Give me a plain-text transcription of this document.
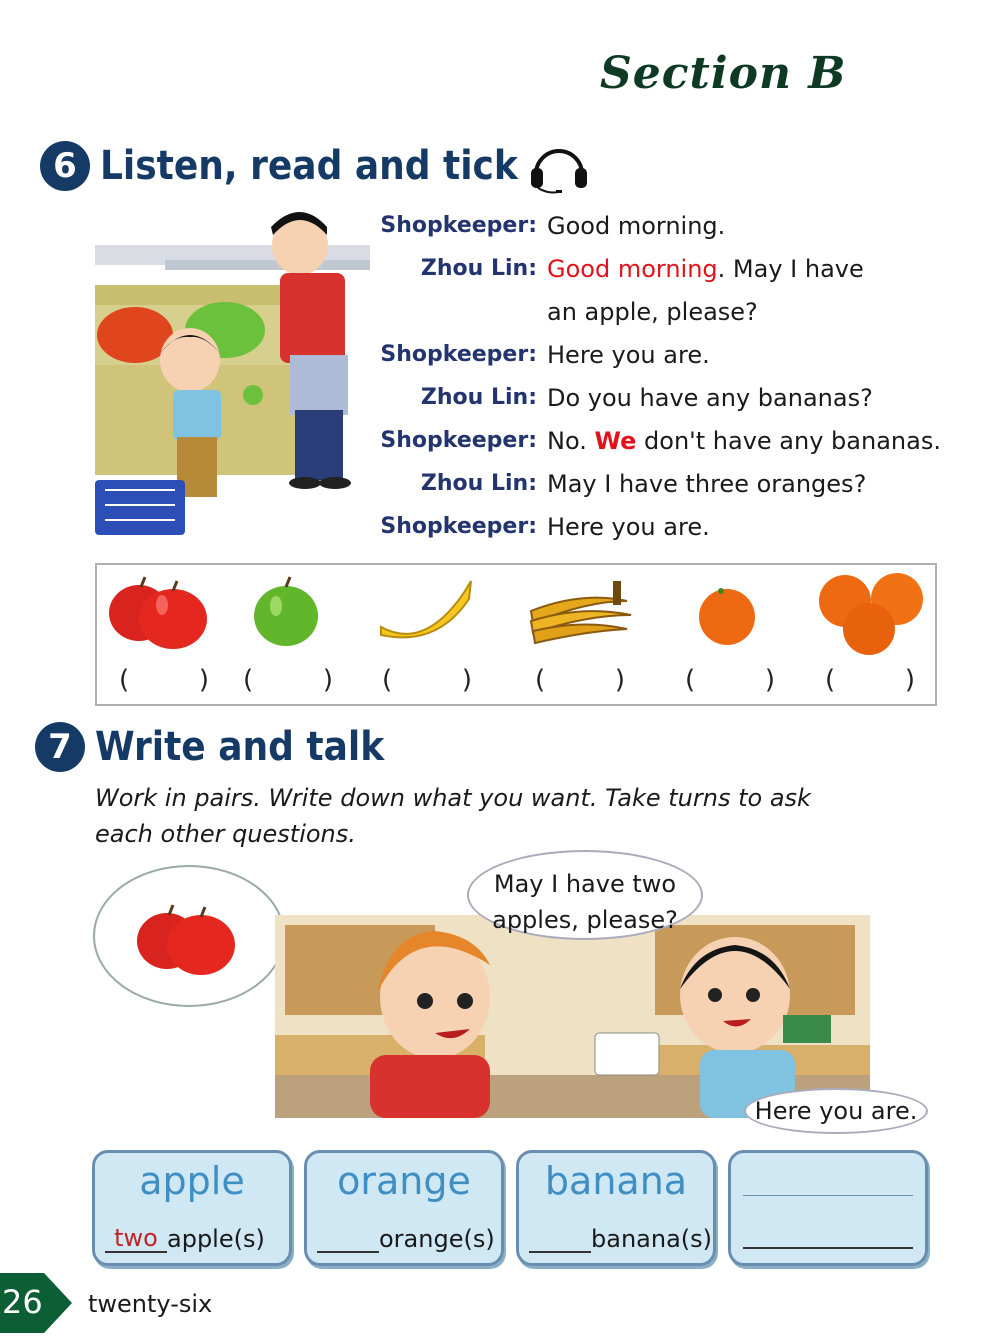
Section B
6 Listen, read and tick
Shopkeeper: Good morning.
Zhou Lin: Good morning. May I have
an apple, please?
Shopkeeper: Here you are.
Zhou Lin: Do you have any bananas?
Shopkeeper: No. We don't have any bananas.
Zhou Lin: May I have three oranges?
Shopkeeper: Here you are.
(	) (	) (	) (	) (	) (	)
7 Write and talk
Work in pairs. Write down what you want. Take turns to ask
each other questions.
May I have two
apples, please?
Here you are.
apple
two apple(s)
orange
orange(s)
banana
banana(s)
26 twenty-six
